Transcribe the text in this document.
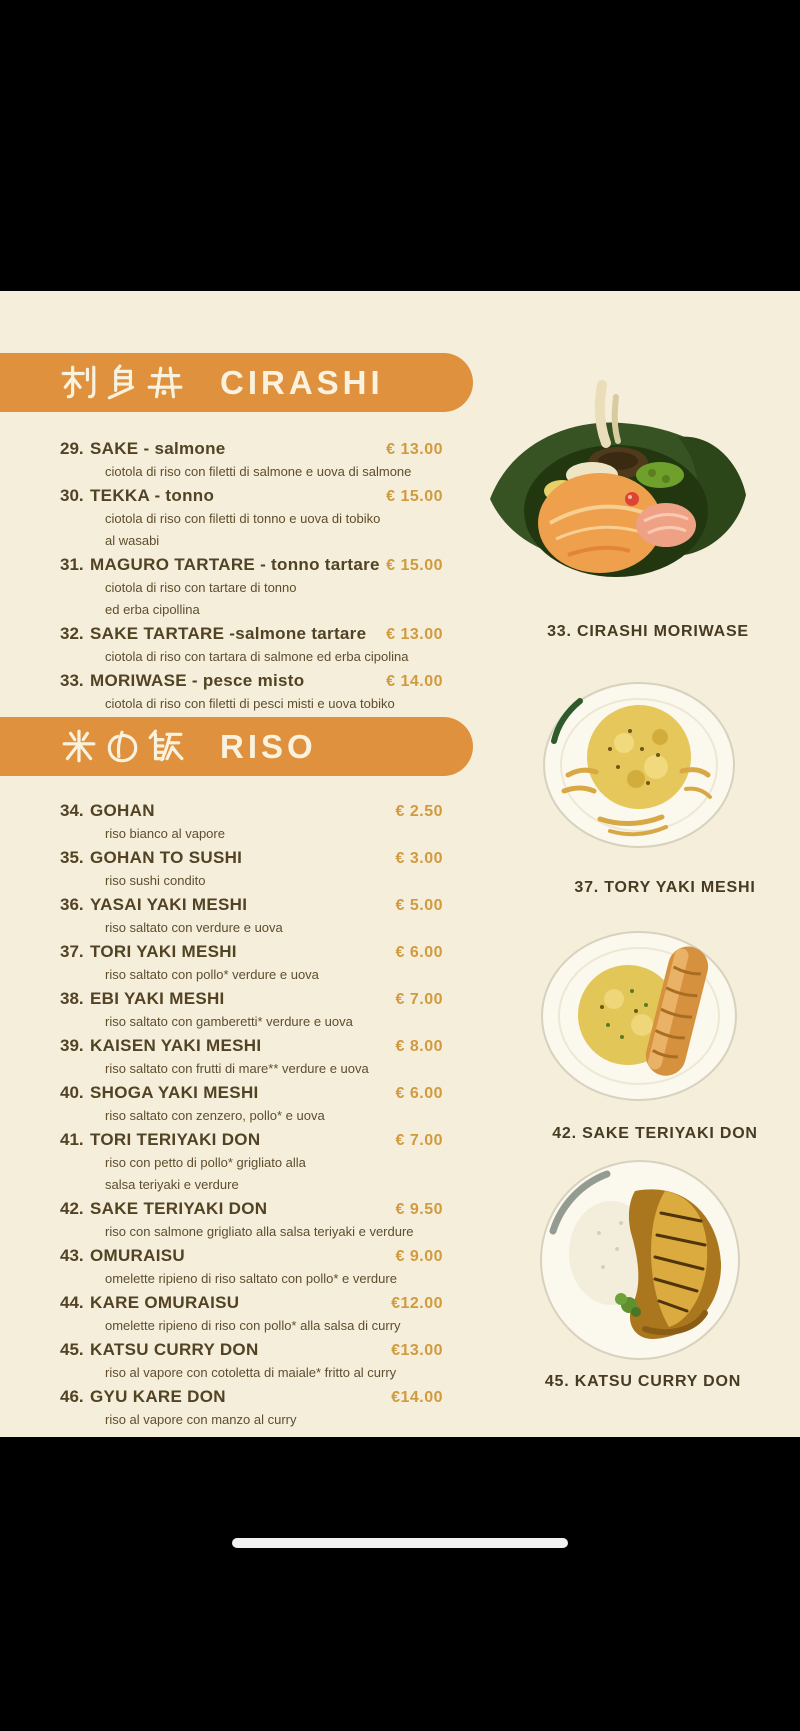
CIRASHI
29. SAKE - salmone	€ 13.00
ciotola di riso con filetti di salmone e uova di salmone
30. TEKKA - tonno	€ 15.00
ciotola di riso con filetti di tonno e uova di tobiko
al wasabi
31. MAGURO TARTARE - tonno tartare € 15.00
ciotola di riso con tartare di tonno
ed erba cipollina
32. SAKE TARTARE -salmone tartare	€ 13.00
ciotola di riso con tartara di salmone ed erba cipolina
33. MORIWASE - pesce misto	€ 14.00
ciotola di riso con filetti di pesci misti e uova tobiko
RISO
34. GOHAN	€ 2.50
riso bianco al vapore
35. GOHAN TO SUSHI	€ 3.00
riso sushi condito
36. YASAI YAKI MESHI	€ 5.00
riso saltato con verdure e uova
37. TORI YAKI MESHI	€ 6.00
riso saltato con pollo* verdure e uova
38. EBI YAKI MESHI	€ 7.00
riso saltato con gamberetti* verdure e uova
39. KAISEN YAKI MESHI	€ 8.00
riso saltato con frutti di mare** verdure e uova
40. SHOGA YAKI MESHI	€ 6.00
riso saltato con zenzero, pollo* e uova
41. TORI TERIYAKI DON	€ 7.00
riso con petto di pollo* grigliato alla
salsa teriyaki e verdure
42. SAKE TERIYAKI DON	€ 9.50
riso con salmone grigliato alla salsa teriyaki e verdure
43. OMURAISU	€ 9.00
omelette ripieno di riso saltato con pollo* e verdure
44. KARE OMURAISU	€12.00
omelette ripieno di riso con pollo* alla salsa di curry
45. KATSU CURRY DON	€13.00
riso al vapore con cotoletta di maiale* fritto al curry
46. GYU KARE DON	€14.00
riso al vapore con manzo al curry
33. CIRASHI MORIWASE
37. TORY YAKI MESHI
42. SAKE TERIYAKI DON
45. KATSU CURRY DON
